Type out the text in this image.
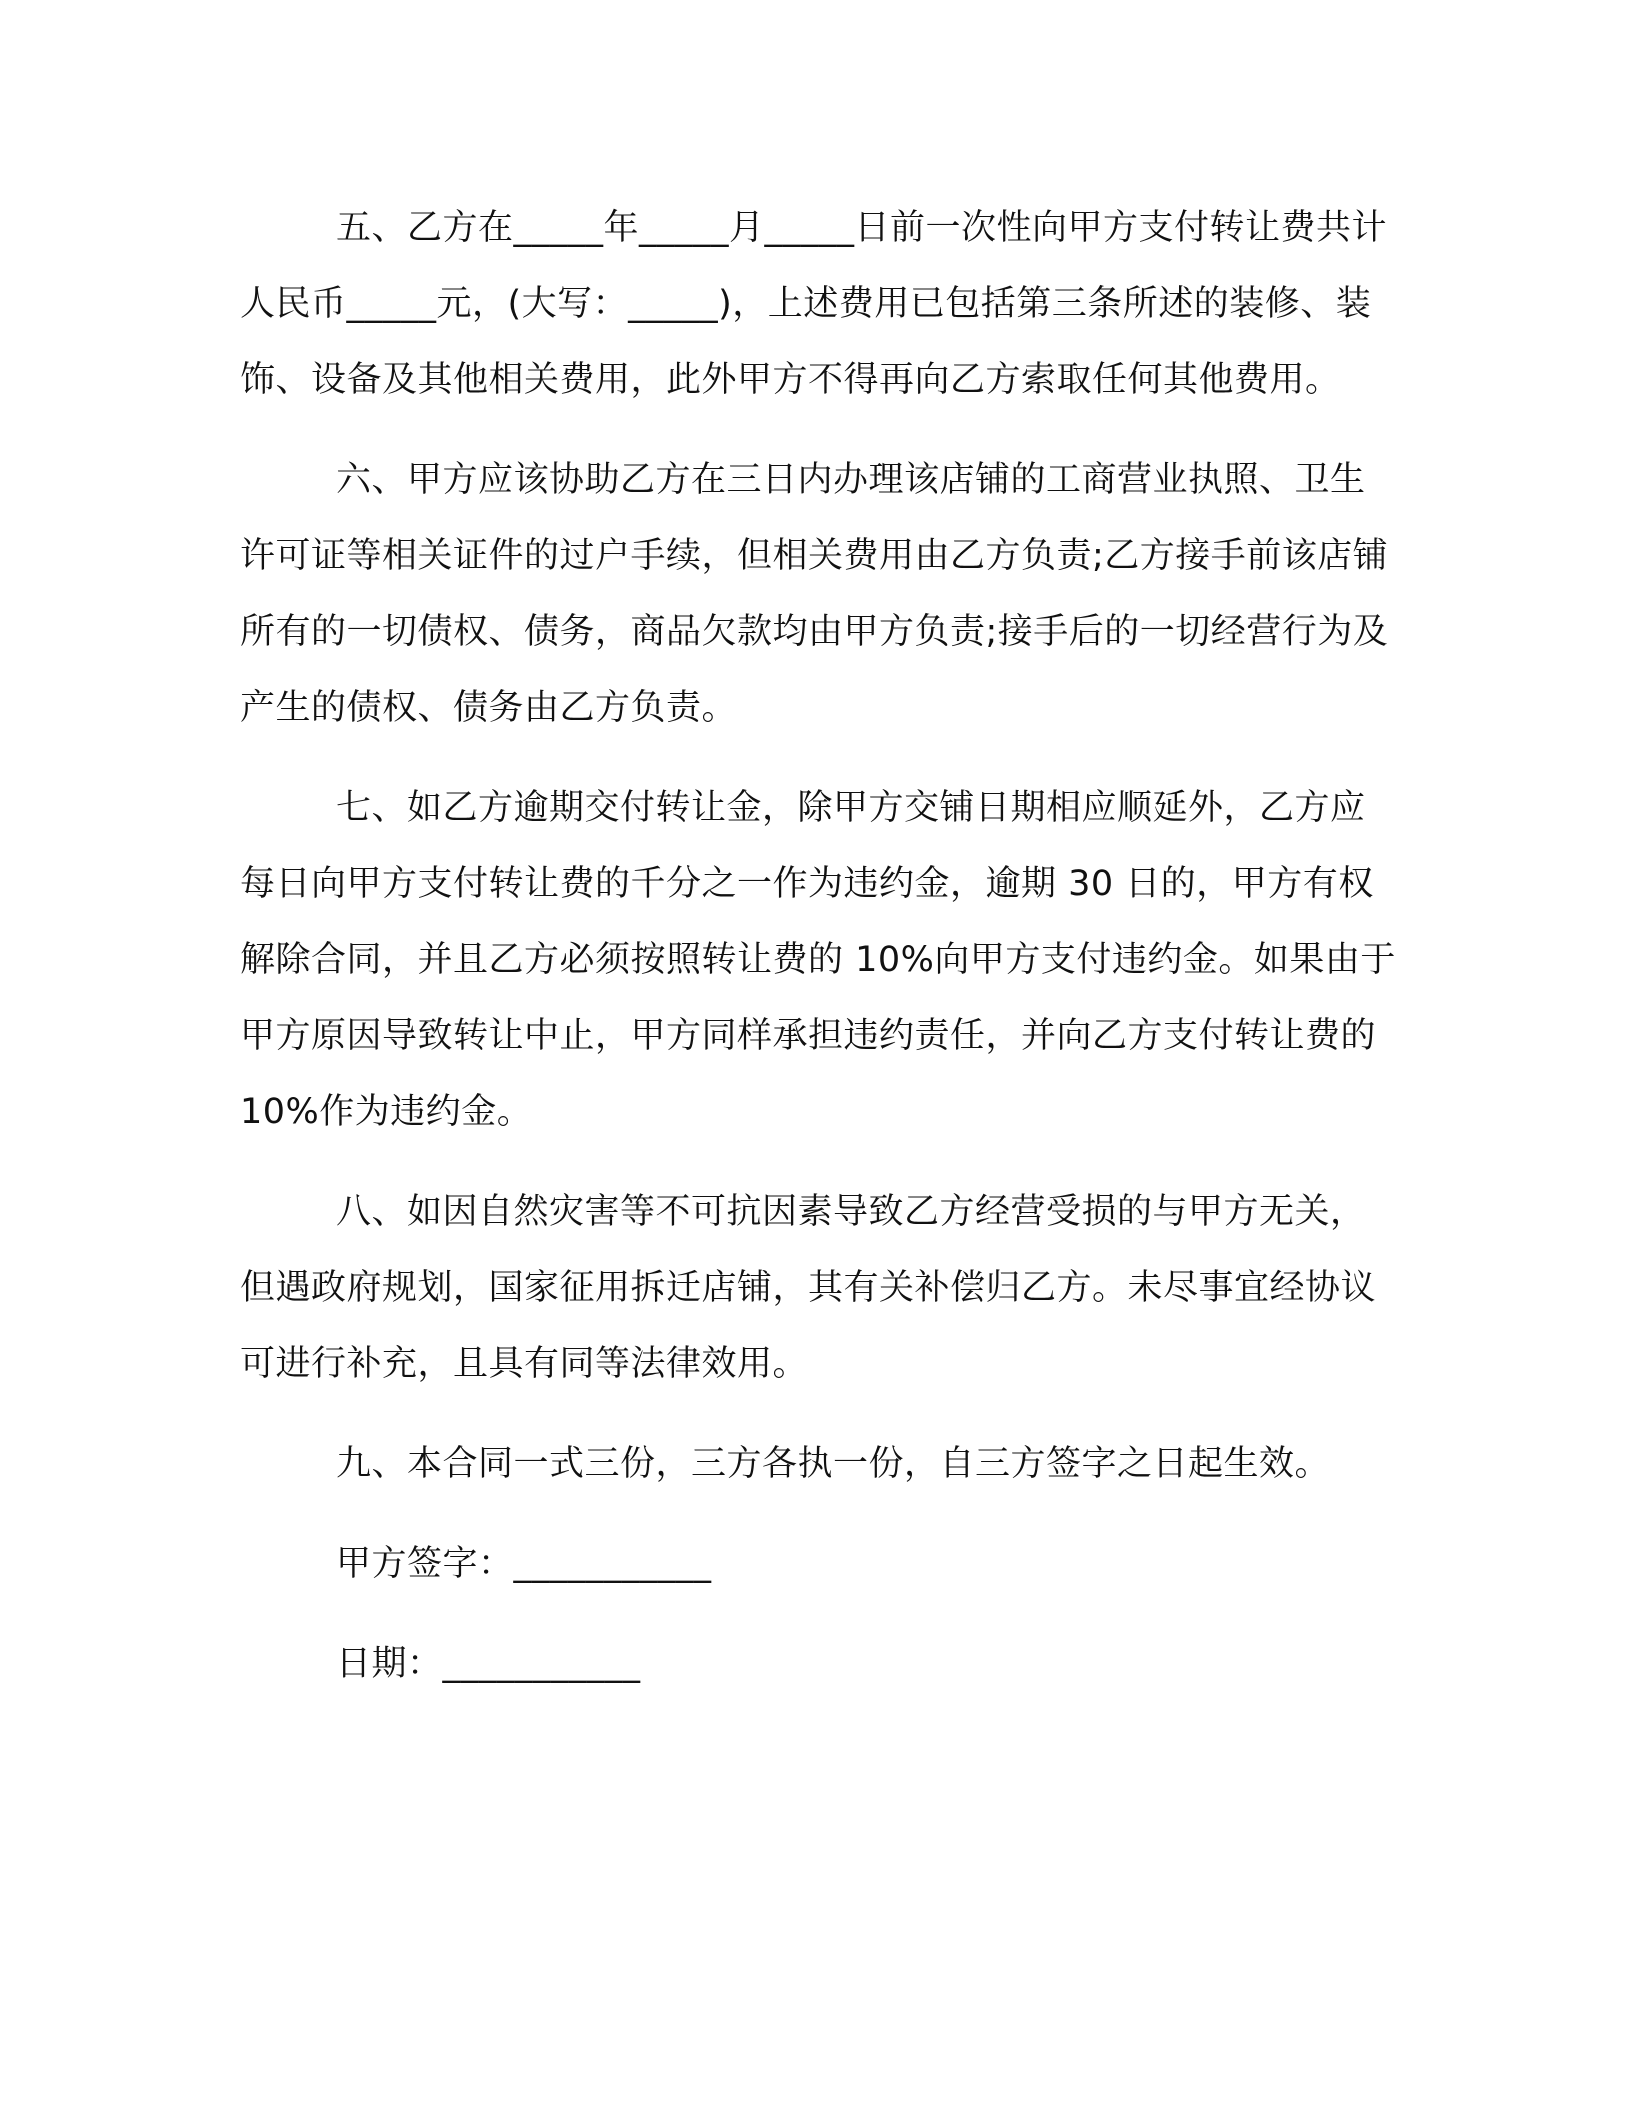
五、乙方在_____年_____月_____日前一次性向甲方支付转让费共计人民币_____元，(大写：_____)，上述费用已包括第三条所述的装修、装饰、设备及其他相关费用，此外甲方不得再向乙方索取任何其他费用。

六、甲方应该协助乙方在三日内办理该店铺的工商营业执照、卫生许可证等相关证件的过户手续，但相关费用由乙方负责;乙方接手前该店铺所有的一切债权、债务，商品欠款均由甲方负责;接手后的一切经营行为及产生的债权、债务由乙方负责。

七、如乙方逾期交付转让金，除甲方交铺日期相应顺延外，乙方应每日向甲方支付转让费的千分之一作为违约金，逾期 30 日的，甲方有权解除合同，并且乙方必须按照转让费的 10%向甲方支付违约金。如果由于甲方原因导致转让中止，甲方同样承担违约责任，并向乙方支付转让费的 10%作为违约金。

八、如因自然灾害等不可抗因素导致乙方经营受损的与甲方无关，但遇政府规划，国家征用拆迁店铺，其有关补偿归乙方。未尽事宜经协议可进行补充，且具有同等法律效用。

九、本合同一式三份，三方各执一份，自三方签字之日起生效。

甲方签字：___________
日期：___________
